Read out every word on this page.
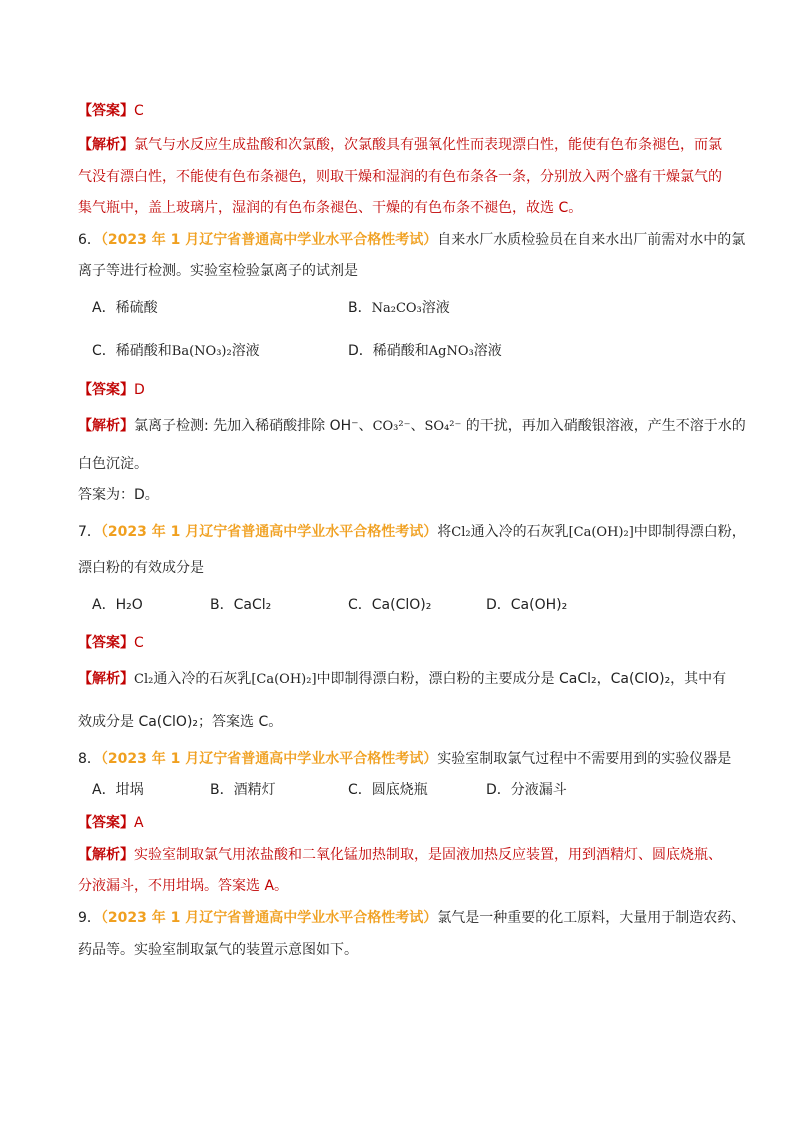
【答案】C
【解析】氯气与水反应生成盐酸和次氯酸，次氯酸具有强氧化性而表现漂白性，能使有色布条褪色，而氯
气没有漂白性，不能使有色布条褪色，则取干燥和湿润的有色布条各一条，分别放入两个盛有干燥氯气的
集气瓶中，盖上玻璃片，湿润的有色布条褪色、干燥的有色布条不褪色，故选 C。
6．（2023 年 1 月辽宁省普通高中学业水平合格性考试）自来水厂水质检验员在自来水出厂前需对水中的氯
离子等进行检测。实验室检验氯离子的试剂是
A．稀硫酸	B．Na₂CO₃溶液
C．稀硝酸和Ba(NO₃)₂溶液	D．稀硝酸和AgNO₃溶液
【答案】D
【解析】氯离子检测: 先加入稀硝酸排除 OH⁻、CO₃²⁻、SO₄²⁻ 的干扰，再加入硝酸银溶液，产生不溶于水的
白色沉淀。
答案为：D。
7．（2023 年 1 月辽宁省普通高中学业水平合格性考试）将Cl₂通入冷的石灰乳[Ca(OH)₂]中即制得漂白粉，
漂白粉的有效成分是
A．H₂O	B．CaCl₂	C．Ca(ClO)₂	D．Ca(OH)₂
【答案】C
【解析】Cl₂通入冷的石灰乳[Ca(OH)₂]中即制得漂白粉，漂白粉的主要成分是 CaCl₂，Ca(ClO)₂，其中有
效成分是 Ca(ClO)₂；答案选 C。
8．（2023 年 1 月辽宁省普通高中学业水平合格性考试）实验室制取氯气过程中不需要用到的实验仪器是
A．坩埚	B．酒精灯	C．圆底烧瓶	D．分液漏斗
【答案】A
【解析】实验室制取氯气用浓盐酸和二氧化锰加热制取，是固液加热反应装置，用到酒精灯、圆底烧瓶、
分液漏斗，不用坩埚。答案选 A。
9．（2023 年 1 月辽宁省普通高中学业水平合格性考试）氯气是一种重要的化工原料，大量用于制造农药、
药品等。实验室制取氯气的装置示意图如下。
